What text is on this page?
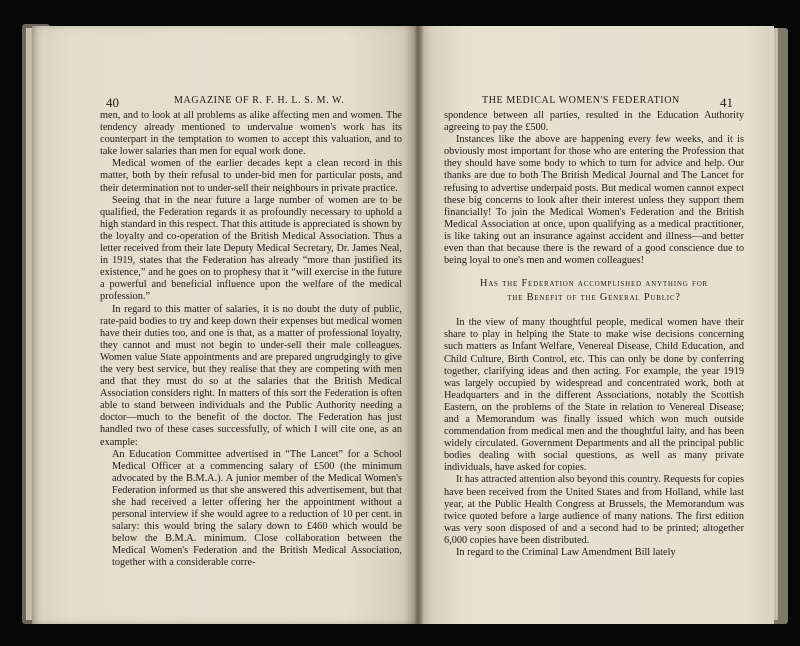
40	MAGAZINE OF R. F. H. L. S. M. W.

men, and to look at all problems as alike affecting men and women. The tendency already mentioned to undervalue women's work has its counterpart in the temptation to women to accept this valuation, and to take lower salaries than men for equal work done.

Medical women of the earlier decades kept a clean record in this matter, both by their refusal to under-bid men for particular posts, and their determination not to under-sell their neighbours in private practice.

Seeing that in the near future a large number of women are to be qualified, the Federation regards it as profoundly necessary to uphold a high standard in this respect. That this attitude is appreciated is shown by the loyalty and co-operation of the British Medical Association. Thus a letter received from their late Deputy Medical Secretary, Dr. James Neal, in 1919, states that the Federation has already “more than justified its existence,” and he goes on to prophesy that it “will exercise in the future a powerful and beneficial influence upon the welfare of the medical profession.”

In regard to this matter of salaries, it is no doubt the duty of public, rate-paid bodies to try and keep down their expenses but medical women have their duties too, and one is that, as a matter of professional loyalty, they cannot and must not begin to under-sell their male colleagues. Women value State appointments and are prepared ungrudgingly to give the very best service, but they realise that they are competing with men and that they must do so at the salaries that the British Medical Association considers right. In matters of this sort the Federation is often able to stand between individuals and the Public Authority needing a doctor—much to the benefit of the doctor. The Federation has just handled two of these cases successfully, of which I will cite one, as an example:

An Education Committee advertised in “The Lancet” for a School Medical Officer at a commencing salary of £500 (the minimum advocated by the B.M.A.). A junior member of the Medical Women's Federation informed us that she answered this advertisement, but that she had received a letter offering her the appointment without a personal interview if she would agree to a reduction of 10 per cent. in salary: this would bring the salary down to £460 which would be below the B.M.A. minimum. Close collaboration between the Medical Women's Federation and the British Medical Association, together with a considerable corre-

THE MEDICAL WOMEN'S FEDERATION	41

spondence between all parties, resulted in the Education Authority agreeing to pay the £500.

Instances like the above are happening every few weeks, and it is obviously most important for those who are entering the Profession that they should have some body to which to turn for advice and help. Our thanks are due to both The British Medical Journal and The Lancet for refusing to advertise underpaid posts. But medical women cannot expect these big concerns to look after their interest unless they support them financially! To join the Medical Women's Federation and the British Medical Association at once, upon qualifying as a medical practitioner, is like taking out an insurance against accident and illness—and better even than that because there is the reward of a good conscience due to being loyal to one's men and women colleagues!

Has the Federation accomplished anything for
the Benefit of the General Public?

In the view of many thoughtful people, medical women have their share to play in helping the State to make wise decisions concerning such matters as Infant Welfare, Venereal Disease, Child Education, and Child Culture, Birth Control, etc. This can only be done by conferring together, clarifying ideas and then acting. For example, the year 1919 was largely occupied by widespread and concentrated work, both at Headquarters and in the different Associations, notably the Scottish Eastern, on the problems of the State in relation to Venereal Disease; and a Memorandum was finally issued which won much outside commendation from medical men and the thoughtful laity, and has been widely circulated. Government Departments and all the principal public bodies dealing with social questions, as well as many private individuals, have asked for copies.

It has attracted attention also beyond this country. Requests for copies have been received from the United States and from Holland, while last year, at the Public Health Congress at Brussels, the Memorandum was twice quoted before a large audience of many nations. The first edition was very soon disposed of and a second had to be printed; altogether 6,000 copies have been distributed.

In regard to the Criminal Law Amendment Bill lately
